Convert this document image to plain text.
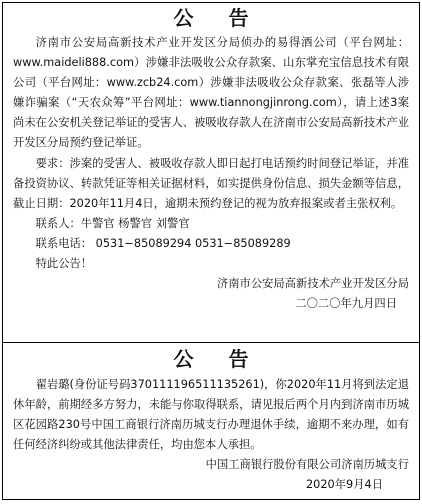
公 告

济南市公安局高新技术产业开发区分局侦办的易得酒公司（平台网址：www.maideli888.com）涉嫌非法吸收公众存款案、山东掌充宝信息技术有限公司（平台网址：www.zcb24.com）涉嫌非法吸收公众存款案、张磊等人涉嫌诈骗案（“天农众筹”平台网址：www.tiannongjinrong.com），请上述3案尚未在公安机关登记举证的受害人、被吸收存款人在济南市公安局高新技术产业开发区分局预约登记举证。

要求：涉案的受害人、被吸收存款人即日起打电话预约时间登记举证，并准备投资协议、转款凭证等相关证据材料，如实提供身份信息、损失金额等信息，截止日期：2020年11月4日，逾期未预约登记的视为放弃报案或者主张权利。

联系人：牛警官 杨警官 刘警官

联系电话： 0531−85089294 0531−85089289

特此公告！

济南市公安局高新技术产业开发区分局

二〇二〇年九月四日

公 告

翟岩璐(身份证号码370111196511135261)，你2020年11月将到法定退休年龄，前期经多方努力，未能与你取得联系，请见报后两个月内到济南市历城区花园路230号中国工商银行济南历城支行办理退休手续，逾期不来办理，如有任何经济纠纷或其他法律责任，均由您本人承担。

中国工商银行股份有限公司济南历城支行

2020年9月4日
